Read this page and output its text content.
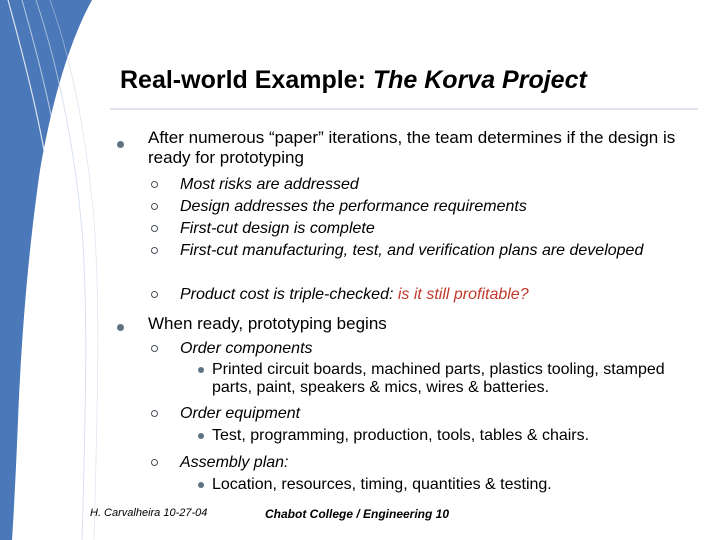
Real-world Example: The Korva Project
After numerous “paper” iterations, the team determines if the design is ready for prototyping
Most risks are addressed
Design addresses the performance requirements
First-cut design is complete
First-cut manufacturing, test, and verification plans are developed
Product cost is triple-checked: is it still profitable?
When ready, prototyping begins
Order components
Printed circuit boards, machined parts, plastics tooling, stamped parts, paint, speakers & mics, wires & batteries.
Order equipment
Test, programming, production, tools, tables & chairs.
Assembly plan:
Location, resources, timing, quantities & testing.
H. Carvalheira 10-27-04	Chabot College / Engineering 10
